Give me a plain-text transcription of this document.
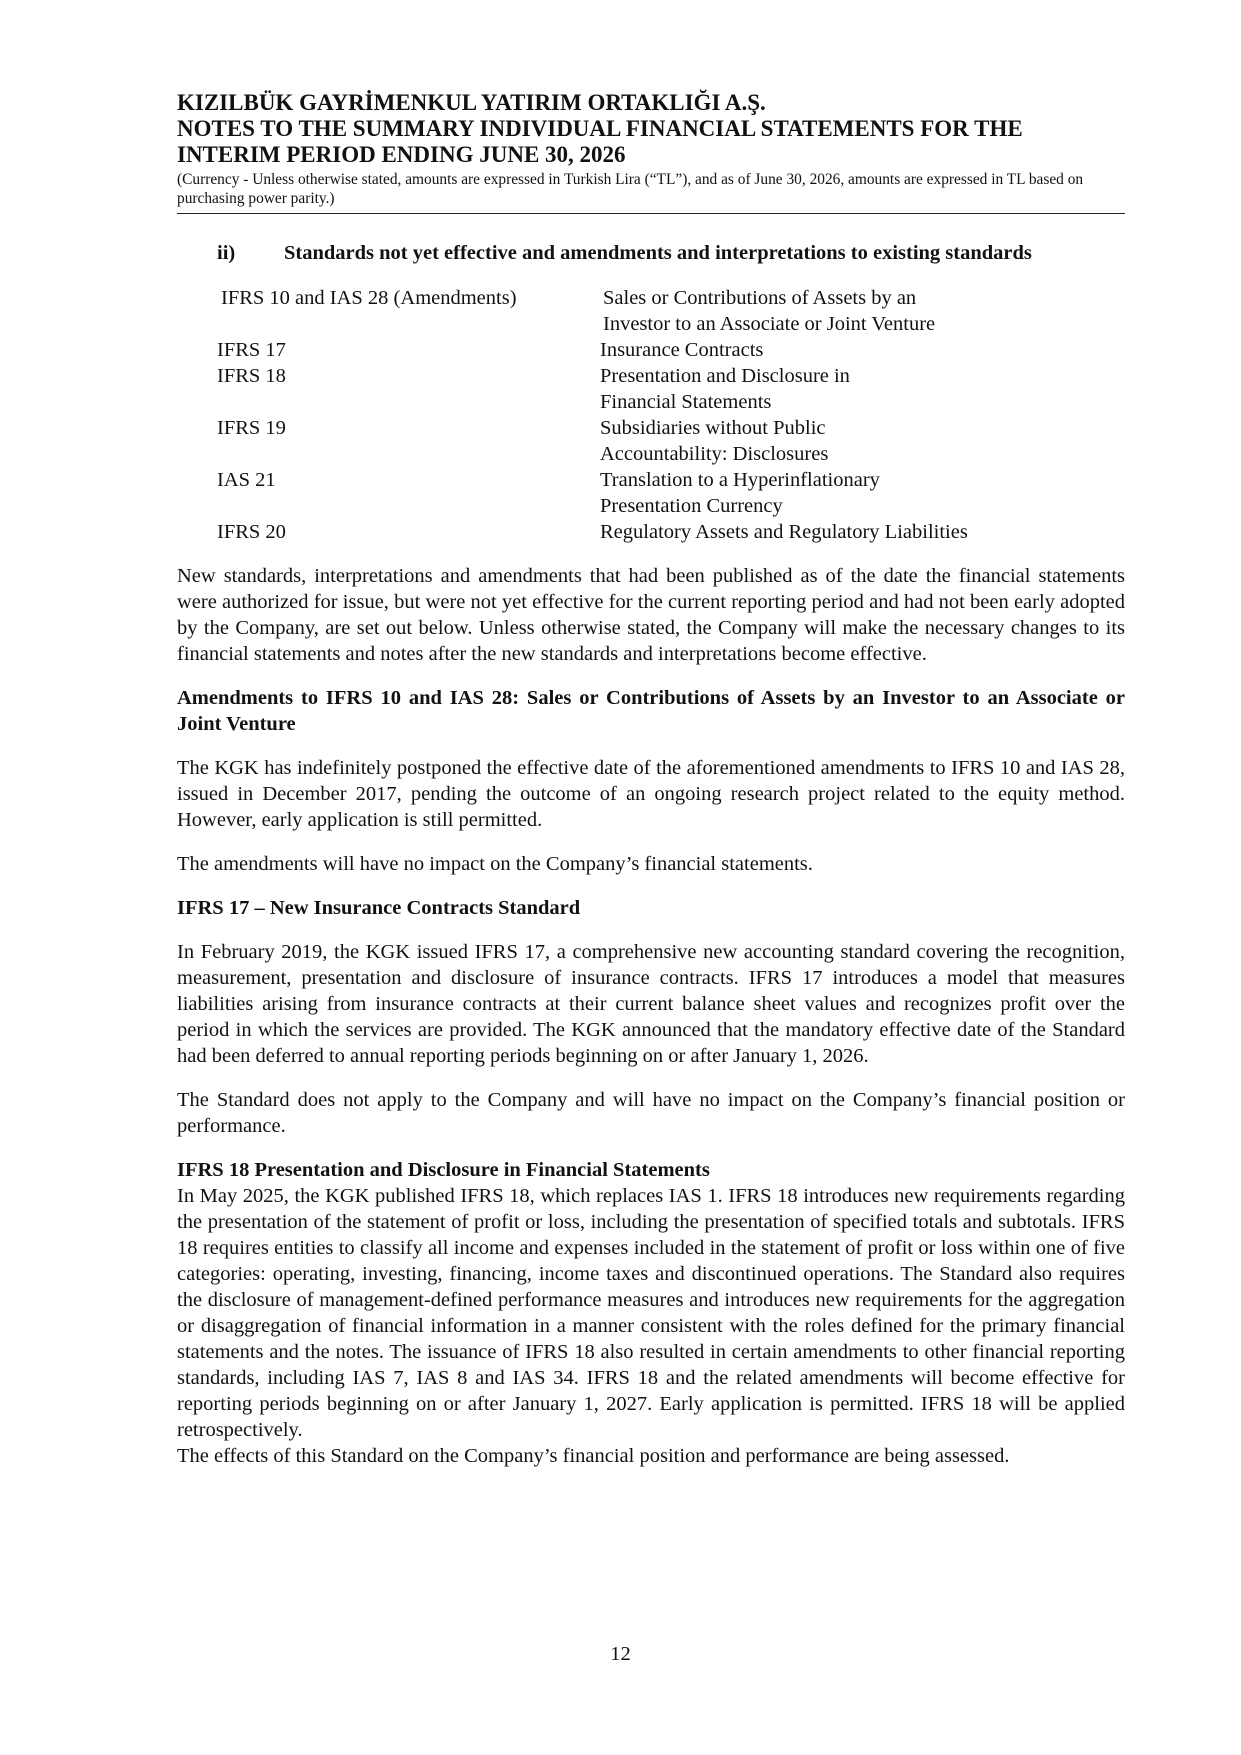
KIZILBÜK GAYRİMENKUL YATIRIM ORTAKLIĞI A.Ş.
NOTES TO THE SUMMARY INDIVIDUAL FINANCIAL STATEMENTS FOR THE
INTERIM PERIOD ENDING JUNE 30, 2026
(Currency - Unless otherwise stated, amounts are expressed in Turkish Lira (“TL”), and as of June 30, 2026, amounts are expressed in TL based on purchasing power parity.)
ii)	Standards not yet effective and amendments and interpretations to existing standards
IFRS 10 and IAS 28 (Amendments)	Sales or Contributions of Assets by an
Investor to an Associate or Joint Venture
IFRS 17	Insurance Contracts
IFRS 18	Presentation and Disclosure in
Financial Statements
IFRS 19	Subsidiaries without Public
Accountability: Disclosures
IAS 21	Translation to a Hyperinflationary
Presentation Currency
IFRS 20	Regulatory Assets and Regulatory Liabilities

New standards, interpretations and amendments that had been published as of the date the financial statements were authorized for issue, but were not yet effective for the current reporting period and had not been early adopted by the Company, are set out below. Unless otherwise stated, the Company will make the necessary changes to its financial statements and notes after the new standards and interpretations become effective.

Amendments to IFRS 10 and IAS 28: Sales or Contributions of Assets by an Investor to an Associate or Joint Venture

The KGK has indefinitely postponed the effective date of the aforementioned amendments to IFRS 10 and IAS 28, issued in December 2017, pending the outcome of an ongoing research project related to the equity method. However, early application is still permitted.

The amendments will have no impact on the Company’s financial statements.

IFRS 17 – New Insurance Contracts Standard

In February 2019, the KGK issued IFRS 17, a comprehensive new accounting standard covering the recognition, measurement, presentation and disclosure of insurance contracts. IFRS 17 introduces a model that measures liabilities arising from insurance contracts at their current balance sheet values and recognizes profit over the period in which the services are provided. The KGK announced that the mandatory effective date of the Standard had been deferred to annual reporting periods beginning on or after January 1, 2026.

The Standard does not apply to the Company and will have no impact on the Company’s financial position or performance.

IFRS 18 Presentation and Disclosure in Financial Statements

In May 2025, the KGK published IFRS 18, which replaces IAS 1. IFRS 18 introduces new requirements regarding the presentation of the statement of profit or loss, including the presentation of specified totals and subtotals. IFRS 18 requires entities to classify all income and expenses included in the statement of profit or loss within one of five categories: operating, investing, financing, income taxes and discontinued operations. The Standard also requires the disclosure of management-defined performance measures and introduces new requirements for the aggregation or disaggregation of financial information in a manner consistent with the roles defined for the primary financial statements and the notes. The issuance of IFRS 18 also resulted in certain amendments to other financial reporting standards, including IAS 7, IAS 8 and IAS 34. IFRS 18 and the related amendments will become effective for reporting periods beginning on or after January 1, 2027. Early application is permitted. IFRS 18 will be applied retrospectively.

The effects of this Standard on the Company’s financial position and performance are being assessed.

12
